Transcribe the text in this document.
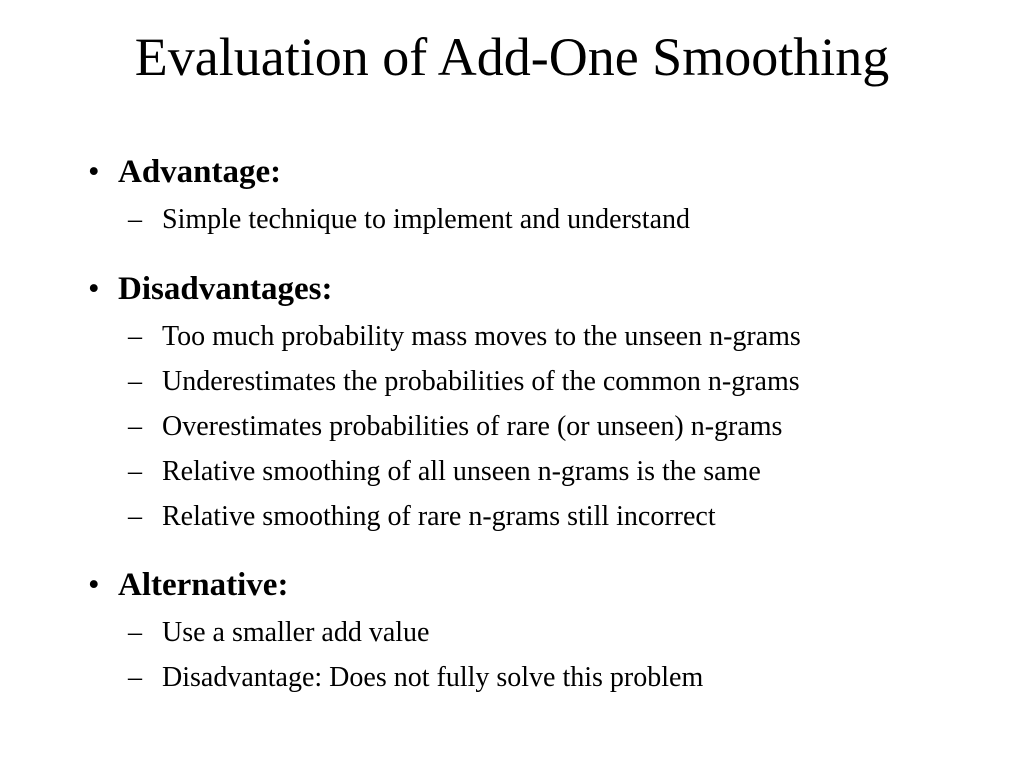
Evaluation of Add-One Smoothing
• Advantage:
– Simple technique to implement and understand
• Disadvantages:
– Too much probability mass moves to the unseen n-grams
– Underestimates the probabilities of the common n-grams
– Overestimates probabilities of rare (or unseen) n-grams
– Relative smoothing of all unseen n-grams is the same
– Relative smoothing of rare n-grams still incorrect
• Alternative:
– Use a smaller add value
– Disadvantage: Does not fully solve this problem
